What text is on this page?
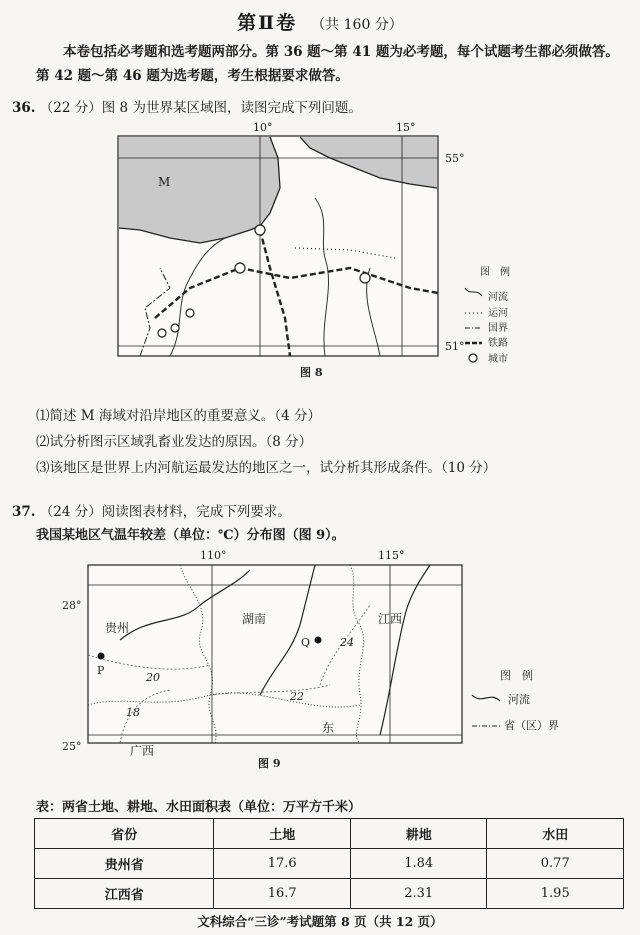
第Ⅱ卷 （共 160 分）
本卷包括必考题和选考题两部分。第 36 题～第 41 题为必考题，每个试题考生都必须做答。第 42 题～第 46 题为选考题，考生根据要求做答。
36. （22 分）图 8 为世界某区域图，读图完成下列问题。
10°	15°
M
55°
51°
图　例
河流
运河
国界
铁路
城市
图 8
⑴简述 M 海域对沿岸地区的重要意义。（4 分）
⑵试分析图示区域乳畜业发达的原因。（8 分）
⑶该地区是世界上内河航运最发达的地区之一，试分析其形成条件。（10 分）
37. （24 分）阅读图表材料，完成下列要求。
我国某地区气温年较差（单位：℃）分布图（图 9）。
110°	115°
贵州
湖南	江西
广西
东
P
Q
20
18
22
24
28°
25°
图　例
河流
省（区）界
图 9
表：两省土地、耕地、水田面积表（单位：万平方千米）
省份	土地	耕地	水田
贵州省	17.6	1.84	0.77
江西省	16.7	2.31	1.95
文科综合“三诊”考试题第 8 页（共 12 页）
